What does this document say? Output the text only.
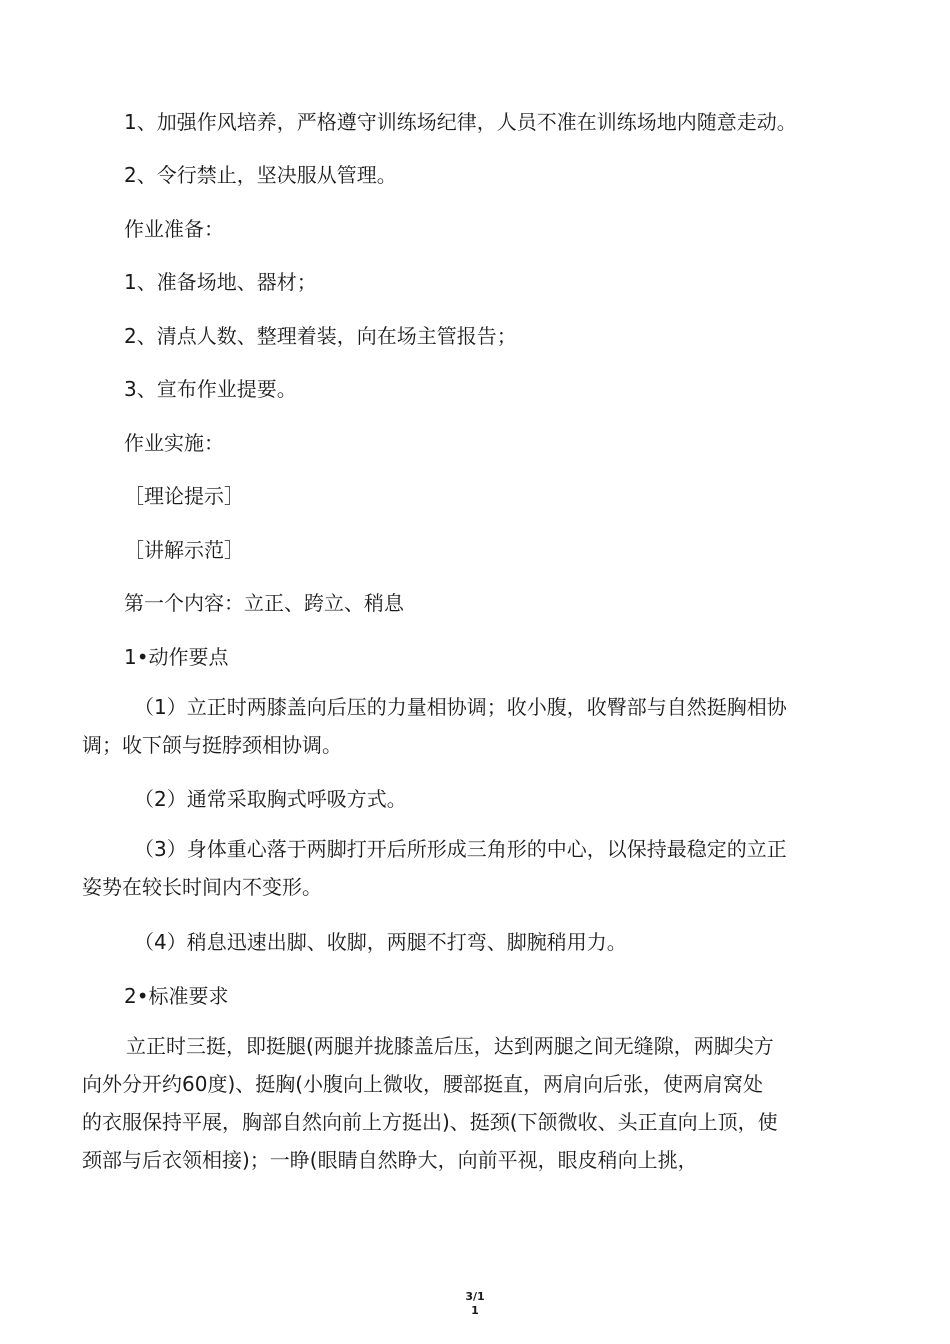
1、加强作风培养，严格遵守训练场纪律，人员不准在训练场地内随意走动。
2、令行禁止，坚决服从管理。
作业准备：
1、准备场地、器材；
2、清点人数、整理着装，向在场主管报告；
3、宣布作业提要。
作业实施：
［理论提示］
［讲解示范］
第一个内容：立正、跨立、稍息
1•动作要点

（1）立正时两膝盖向后压的力量相协调；收小腹，收臀部与自然挺胸相协

调；收下颌与挺脖颈相协调。

（2）通常采取胸式呼吸方式。

（3）身体重心落于两脚打开后所形成三角形的中心，以保持最稳定的立正

姿势在较长时间内不变形。

（4）稍息迅速出脚、收脚，两腿不打弯、脚腕稍用力。
2•标准要求

立正时三挺，即挺腿(两腿并拢膝盖后压，达到两腿之间无缝隙，两脚尖方

向外分开约60度)、挺胸(小腹向上微收，腰部挺直，两肩向后张，使两肩窝处

的衣服保持平展，胸部自然向前上方挺出)、挺颈(下颌微收、头正直向上顶，使

颈部与后衣领相接)；一睁(眼睛自然睁大，向前平视，眼皮稍向上挑，

3/1
1
